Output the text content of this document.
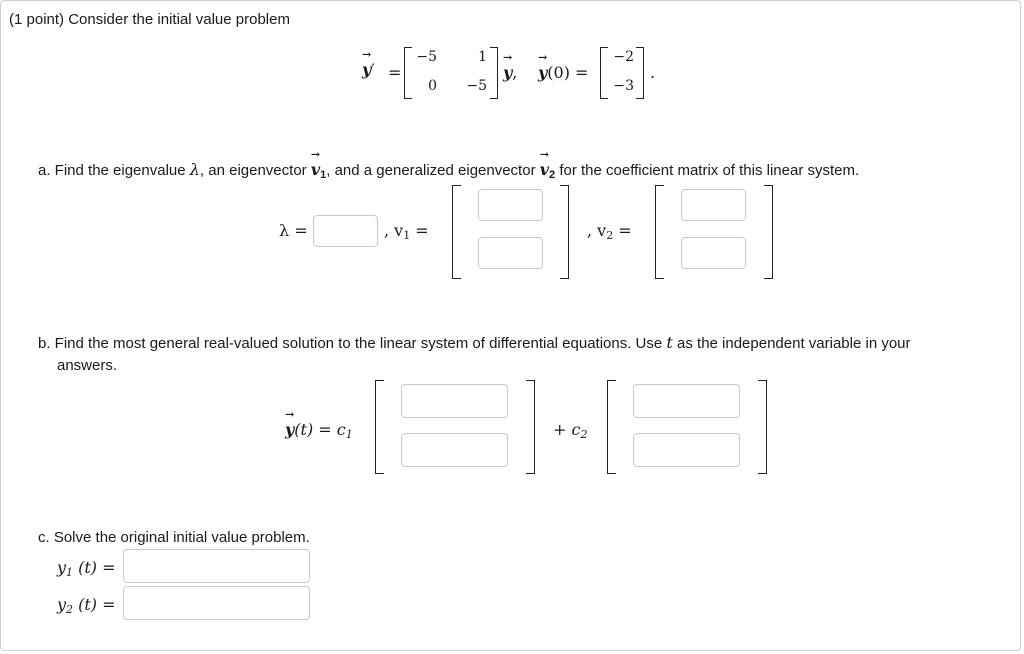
(1 point) Consider the initial value problem
→
y′ =
−5	1
0 −5
→
y,
→
y(0) =
−2
−3
.
a. Find the eigenvalue λ, an eigenvector
→
$v_1$, and a generalized eigenvector
→
$v_2$ for the coefficient matrix of this linear system.
λ =	, $v_1$ =	, $v_2$ =
b. Find the most general real-valued solution to the linear system of differential equations. Use t as the independent variable in your
answers.
→
$y(t) = c_1$	+ $c_2$
c. Solve the original initial value problem.
$y_1$ (t) =
$y_2$ (t) =
